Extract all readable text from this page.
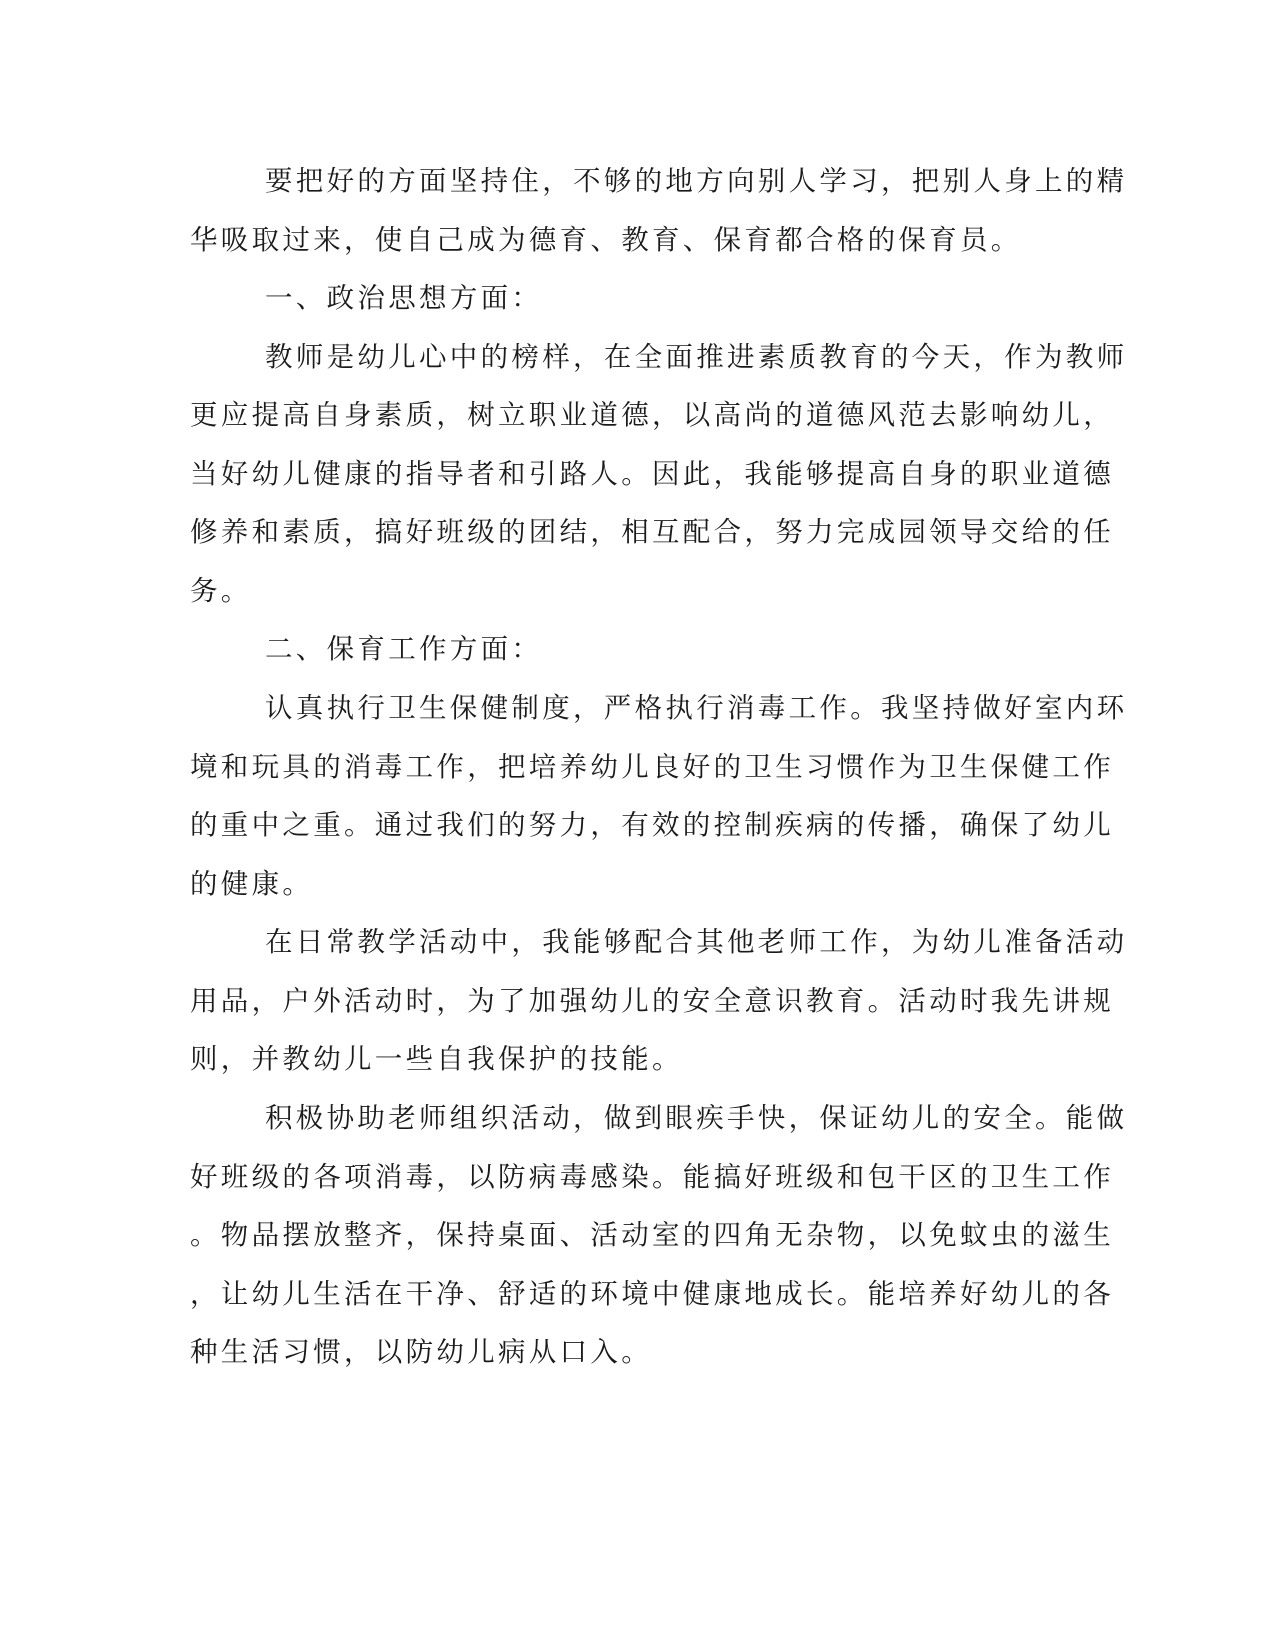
要把好的方面坚持住，不够的地方向别人学习，把别人身上的精

华吸取过来，使自己成为德育、教育、保育都合格的保育员。

一、政治思想方面：

教师是幼儿心中的榜样，在全面推进素质教育的今天，作为教师

更应提高自身素质，树立职业道德，以高尚的道德风范去影响幼儿，

当好幼儿健康的指导者和引路人。因此，我能够提高自身的职业道德

修养和素质，搞好班级的团结，相互配合，努力完成园领导交给的任

务。

二、保育工作方面：

认真执行卫生保健制度，严格执行消毒工作。我坚持做好室内环

境和玩具的消毒工作，把培养幼儿良好的卫生习惯作为卫生保健工作

的重中之重。通过我们的努力，有效的控制疾病的传播，确保了幼儿

的健康。

在日常教学活动中，我能够配合其他老师工作，为幼儿准备活动

用品，户外活动时，为了加强幼儿的安全意识教育。活动时我先讲规

则，并教幼儿一些自我保护的技能。

积极协助老师组织活动，做到眼疾手快，保证幼儿的安全。能做

好班级的各项消毒，以防病毒感染。能搞好班级和包干区的卫生工作

。物品摆放整齐，保持桌面、活动室的四角无杂物，以免蚊虫的滋生

，让幼儿生活在干净、舒适的环境中健康地成长。能培养好幼儿的各

种生活习惯，以防幼儿病从口入。
